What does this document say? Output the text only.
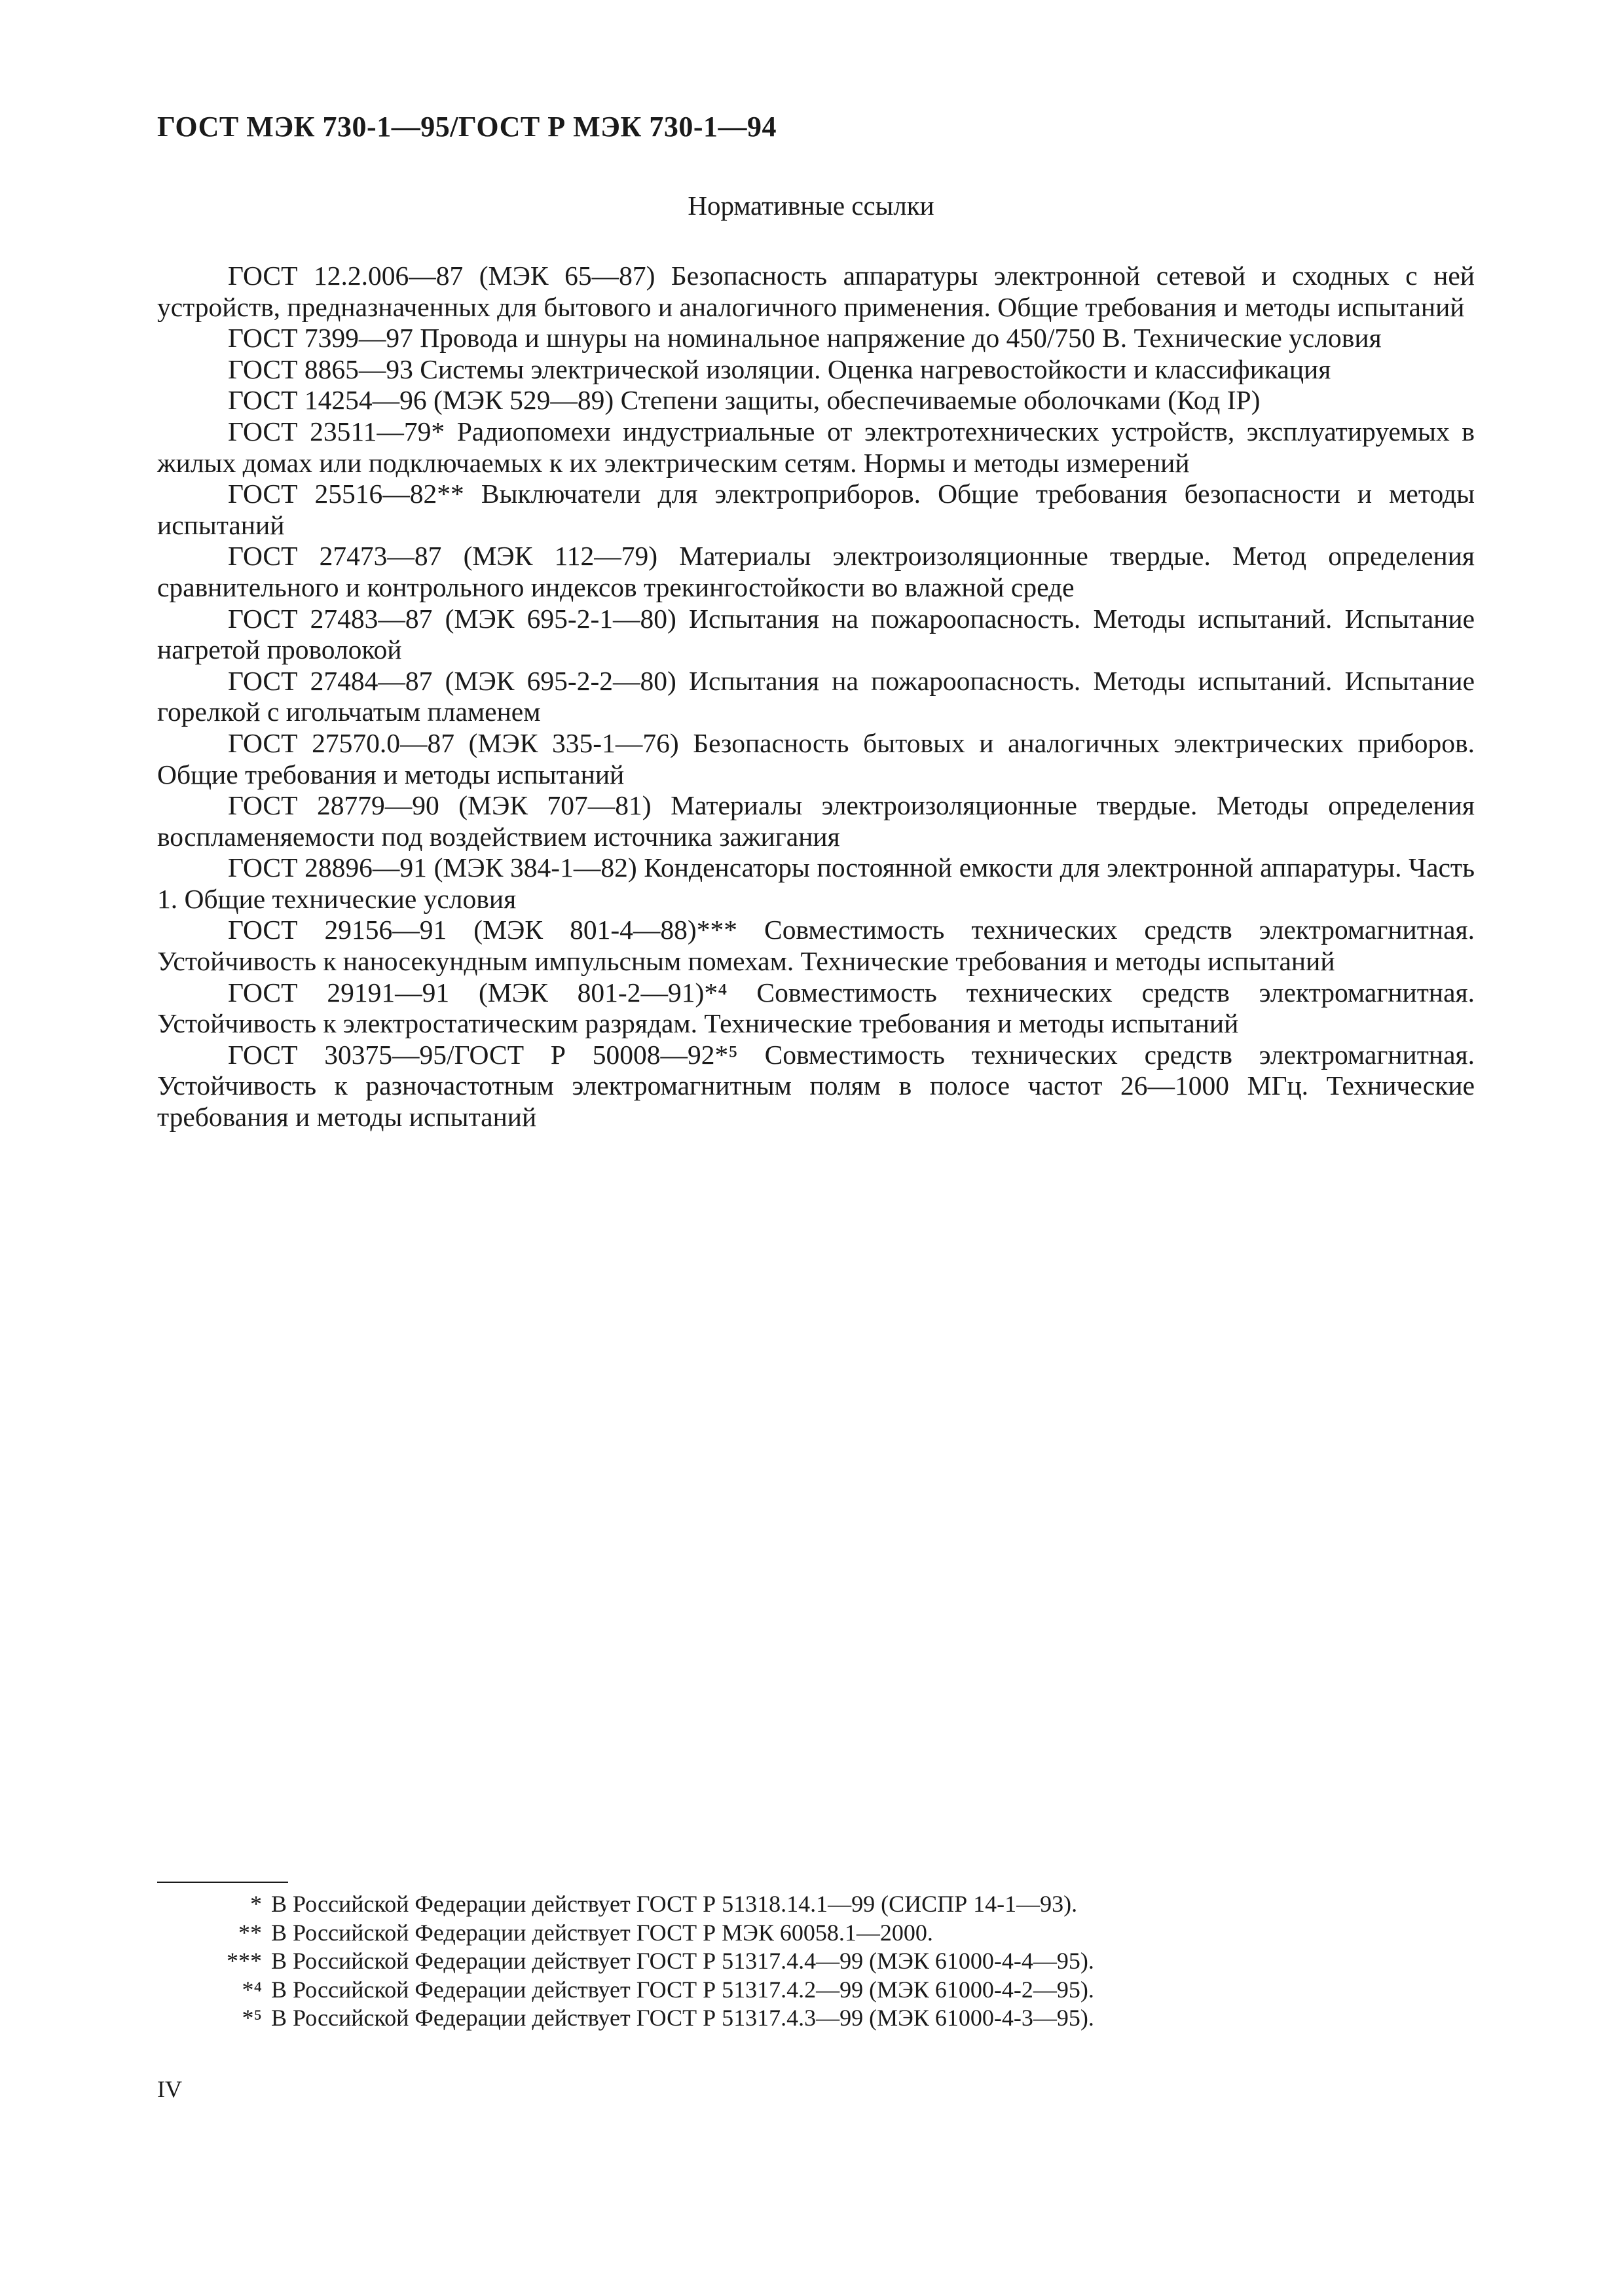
ГОСТ МЭК 730-1—95/ГОСТ Р МЭК 730-1—94
Нормативные ссылки
ГОСТ 12.2.006—87 (МЭК 65—87) Безопасность аппаратуры электронной сетевой и сходных с ней устройств, предназначенных для бытового и аналогичного применения. Общие требования и методы испытаний
ГОСТ 7399—97 Провода и шнуры на номинальное напряжение до 450/750 В. Технические условия
ГОСТ 8865—93 Системы электрической изоляции. Оценка нагревостойкости и классификация
ГОСТ 14254—96 (МЭК 529—89) Степени защиты, обеспечиваемые оболочками (Код IP)
ГОСТ 23511—79* Радиопомехи индустриальные от электротехнических устройств, эксплуатируемых в жилых домах или подключаемых к их электрическим сетям. Нормы и методы измерений
ГОСТ 25516—82** Выключатели для электроприборов. Общие требования безопасности и методы испытаний
ГОСТ 27473—87 (МЭК 112—79) Материалы электроизоляционные твердые. Метод определения сравнительного и контрольного индексов трекингостойкости во влажной среде
ГОСТ 27483—87 (МЭК 695-2-1—80) Испытания на пожароопасность. Методы испытаний. Испытание нагретой проволокой
ГОСТ 27484—87 (МЭК 695-2-2—80) Испытания на пожароопасность. Методы испытаний. Испытание горелкой с игольчатым пламенем
ГОСТ 27570.0—87 (МЭК 335-1—76) Безопасность бытовых и аналогичных электрических приборов. Общие требования и методы испытаний
ГОСТ 28779—90 (МЭК 707—81) Материалы электроизоляционные твердые. Методы определения воспламеняемости под воздействием источника зажигания
ГОСТ 28896—91 (МЭК 384-1—82) Конденсаторы постоянной емкости для электронной аппаратуры. Часть 1. Общие технические условия
ГОСТ 29156—91 (МЭК 801-4—88)*** Совместимость технических средств электромагнитная. Устойчивость к наносекундным импульсным помехам. Технические требования и методы испытаний
ГОСТ 29191—91 (МЭК 801-2—91)*⁴ Совместимость технических средств электромагнитная. Устойчивость к электростатическим разрядам. Технические требования и методы испытаний
ГОСТ 30375—95/ГОСТ Р 50008—92*⁵ Совместимость технических средств электромагнитная. Устойчивость к разночастотным электромагнитным полям в полосе частот 26—1000 МГц. Технические требования и методы испытаний
* В Российской Федерации действует ГОСТ Р 51318.14.1—99 (СИСПР 14-1—93).
** В Российской Федерации действует ГОСТ Р МЭК 60058.1—2000.
*** В Российской Федерации действует ГОСТ Р 51317.4.4—99 (МЭК 61000-4-4—95).
*⁴ В Российской Федерации действует ГОСТ Р 51317.4.2—99 (МЭК 61000-4-2—95).
*⁵ В Российской Федерации действует ГОСТ Р 51317.4.3—99 (МЭК 61000-4-3—95).
IV
